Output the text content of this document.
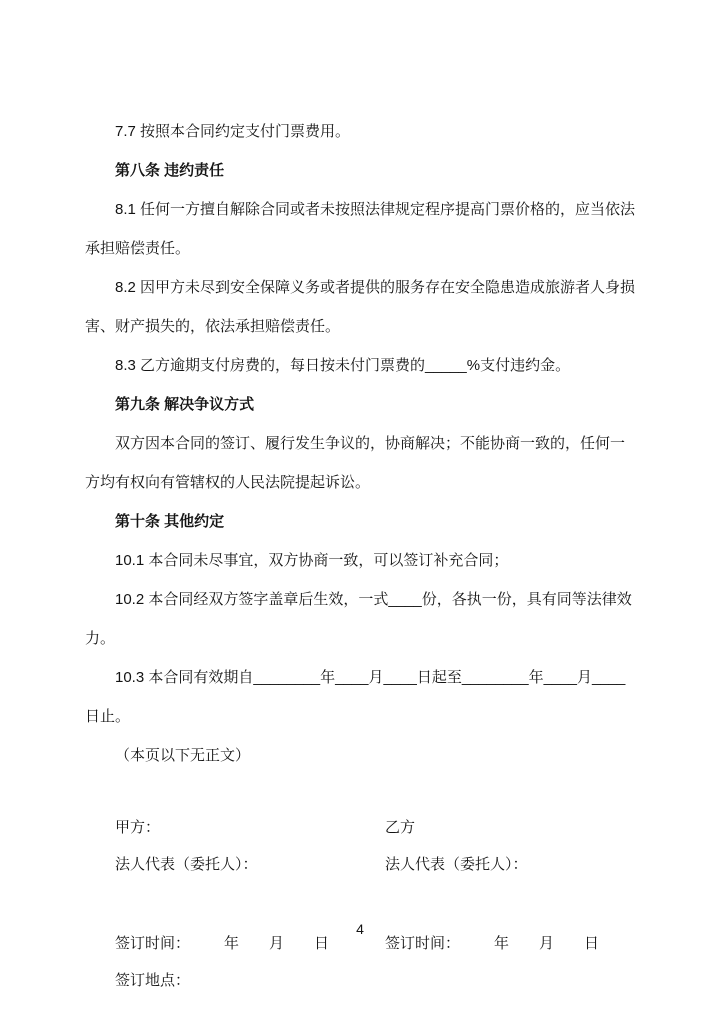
7.7 按照本合同约定支付门票费用。

第八条 违约责任

8.1 任何一方擅自解除合同或者未按照法律规定程序提高门票价格的，应当依法承担赔偿责任。

8.2 因甲方未尽到安全保障义务或者提供的服务存在安全隐患造成旅游者人身损害、财产损失的，依法承担赔偿责任。

8.3 乙方逾期支付房费的，每日按未付门票费的_____%支付违约金。

第九条 解决争议方式

双方因本合同的签订、履行发生争议的，协商解决；不能协商一致的，任何一方均有权向有管辖权的人民法院提起诉讼。

第十条 其他约定

10.1 本合同未尽事宜，双方协商一致，可以签订补充合同；

10.2 本合同经双方签字盖章后生效，一式____份，各执一份，具有同等法律效力。

10.3 本合同有效期自________年____月____日起至________年____月____日止。

（本页以下无正文）

甲方：	乙方
法人代表（委托人）：	法人代表（委托人）：
签订时间： 年 月 日	签订时间： 年 月 日
签订地点：
4
